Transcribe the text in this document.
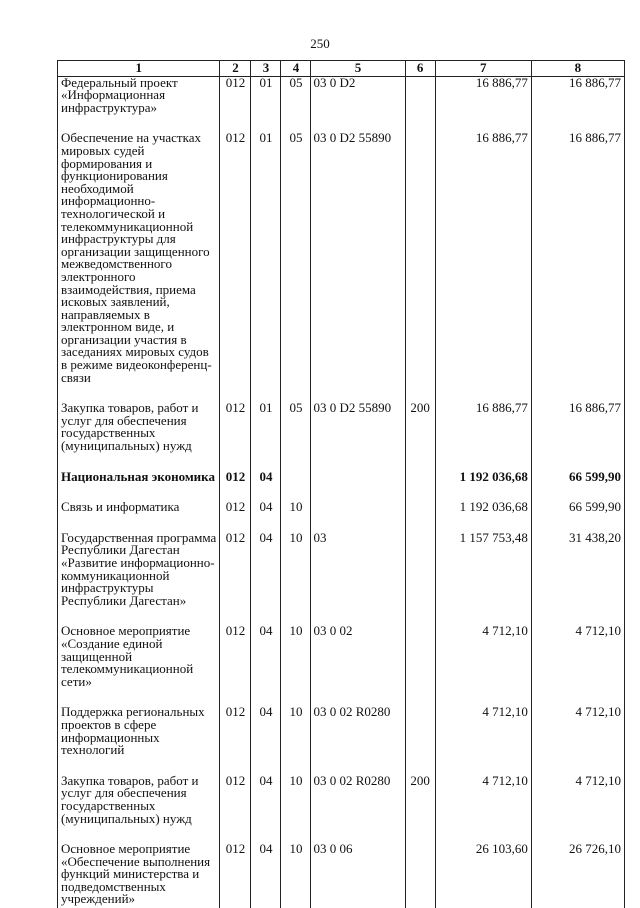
250
1	2	3	4	5	6	7	8
Федеральный проект «Информационная инфраструктура»	012	01	05	03 0 D2		16 886,77	16 886,77
Обеспечение на участках мировых судей формирования и функционирования необходимой информационно-технологической и телекоммуникационной инфраструктуры для организации защищенного межведомственного электронного взаимодействия, приема исковых заявлений, направляемых в электронном виде, и организации участия в заседаниях мировых судов в режиме видеоконференц-связи	012	01	05	03 0 D2 55890		16 886,77	16 886,77
Закупка товаров, работ и услуг для обеспечения государственных (муниципальных) нужд	012	01	05	03 0 D2 55890	200	16 886,77	16 886,77
Национальная экономика	012	04				1 192 036,68	66 599,90
Связь и информатика	012	04	10			1 192 036,68	66 599,90
Государственная программа Республики Дагестан «Развитие информационно-коммуникационной инфраструктуры Республики Дагестан»	012	04	10	03		1 157 753,48	31 438,20
Основное мероприятие «Создание единой защищенной телекоммуникационной сети»	012	04	10	03 0 02		4 712,10	4 712,10
Поддержка региональных проектов в сфере информационных технологий	012	04	10	03 0 02 R0280		4 712,10	4 712,10
Закупка товаров, работ и услуг для обеспечения государственных (муниципальных) нужд	012	04	10	03 0 02 R0280	200	4 712,10	4 712,10
Основное мероприятие «Обеспечение выполнения функций министерства и подведомственных учреждений»	012	04	10	03 0 06		26 103,60	26 726,10
